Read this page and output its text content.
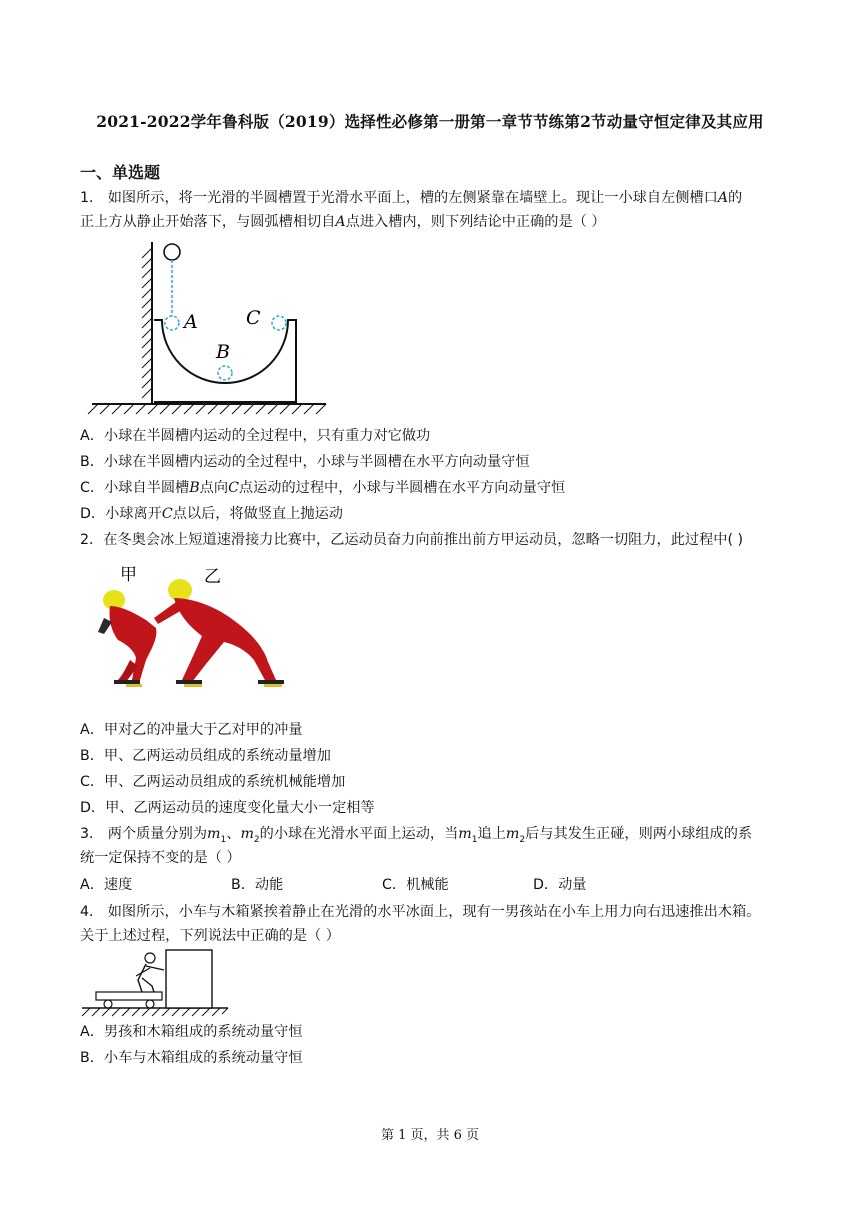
2021-2022学年鲁科版（2019）选择性必修第一册第一章节节练第2节动量守恒定律及其应用
一、单选题
1． 如图所示，将一光滑的半圆槽置于光滑水平面上，槽的左侧紧靠在墙壁上。现让一小球自左侧槽口A的
正上方从静止开始落下，与圆弧槽相切自A点进入槽内，则下列结论中正确的是（ ）
A
B
C
A．小球在半圆槽内运动的全过程中，只有重力对它做功
B．小球在半圆槽内运动的全过程中，小球与半圆槽在水平方向动量守恒
C．小球自半圆槽B点向C点运动的过程中，小球与半圆槽在水平方向动量守恒
D．小球离开C点以后，将做竖直上抛运动
2．在冬奥会冰上短道速滑接力比赛中，乙运动员奋力向前推出前方甲运动员，忽略一切阻力，此过程中( )
甲	乙
A．甲对乙的冲量大于乙对甲的冲量
B．甲、乙两运动员组成的系统动量增加
C．甲、乙两运动员组成的系统机械能增加
D．甲、乙两运动员的速度变化量大小一定相等
3． 两个质量分别为$m_1$、$m_2$的小球在光滑水平面上运动，当$m_1$追上$m_2$后与其发生正碰，则两小球组成的系
统一定保持不变的是（ ）
A．速度	B．动能	C．机械能	D．动量
4． 如图所示，小车与木箱紧挨着静止在光滑的水平冰面上，现有一男孩站在小车上用力向右迅速推出木箱。
关于上述过程，下列说法中正确的是（ ）
A．男孩和木箱组成的系统动量守恒
B．小车与木箱组成的系统动量守恒
第 1 页，共 6 页
